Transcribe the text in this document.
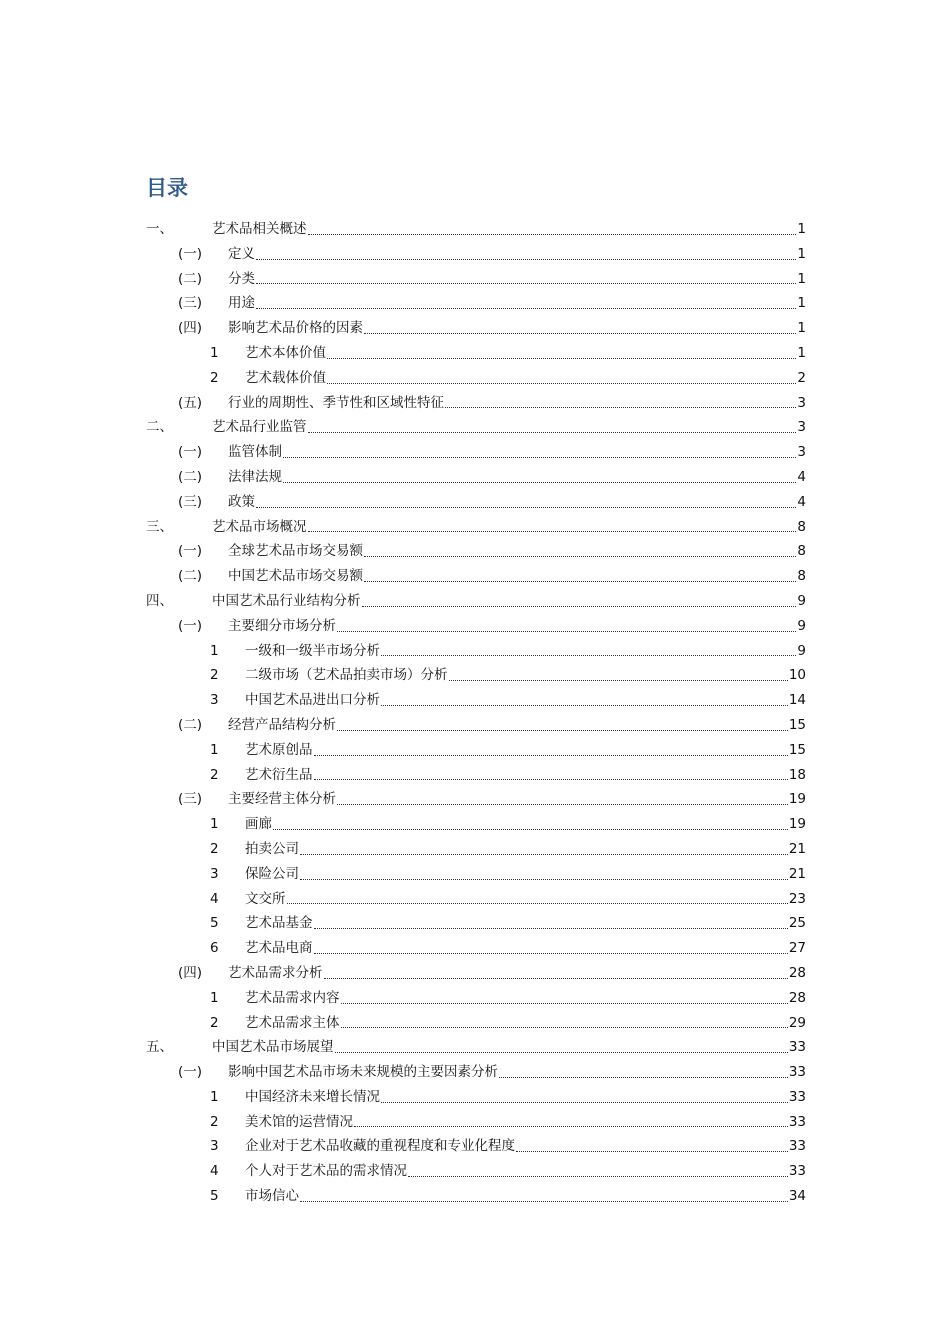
目录
一、	艺术品相关概述	1
(一)	定义	1
(二)	分类	1
(三)	用途	1
(四)	影响艺术品价格的因素	1
1	艺术本体价值	1
2	艺术载体价值	2
(五)	行业的周期性、季节性和区域性特征	3
二、	艺术品行业监管	3
(一)	监管体制	3
(二)	法律法规	4
(三)	政策	4
三、	艺术品市场概况	8
(一)	全球艺术品市场交易额	8
(二)	中国艺术品市场交易额	8
四、	中国艺术品行业结构分析	9
(一)	主要细分市场分析	9
1	一级和一级半市场分析	9
2	二级市场（艺术品拍卖市场）分析	10
3	中国艺术品进出口分析	14
(二)	经营产品结构分析	15
1	艺术原创品	15
2	艺术衍生品	18
(三)	主要经营主体分析	19
1	画廊	19
2	拍卖公司	21
3	保险公司	21
4	文交所	23
5	艺术品基金	25
6	艺术品电商	27
(四)	艺术品需求分析	28
1	艺术品需求内容	28
2	艺术品需求主体	29
五、	中国艺术品市场展望	33
(一)	影响中国艺术品市场未来规模的主要因素分析	33
1	中国经济未来增长情况	33
2	美术馆的运营情况	33
3	企业对于艺术品收藏的重视程度和专业化程度	33
4	个人对于艺术品的需求情况	33
5	市场信心	34
